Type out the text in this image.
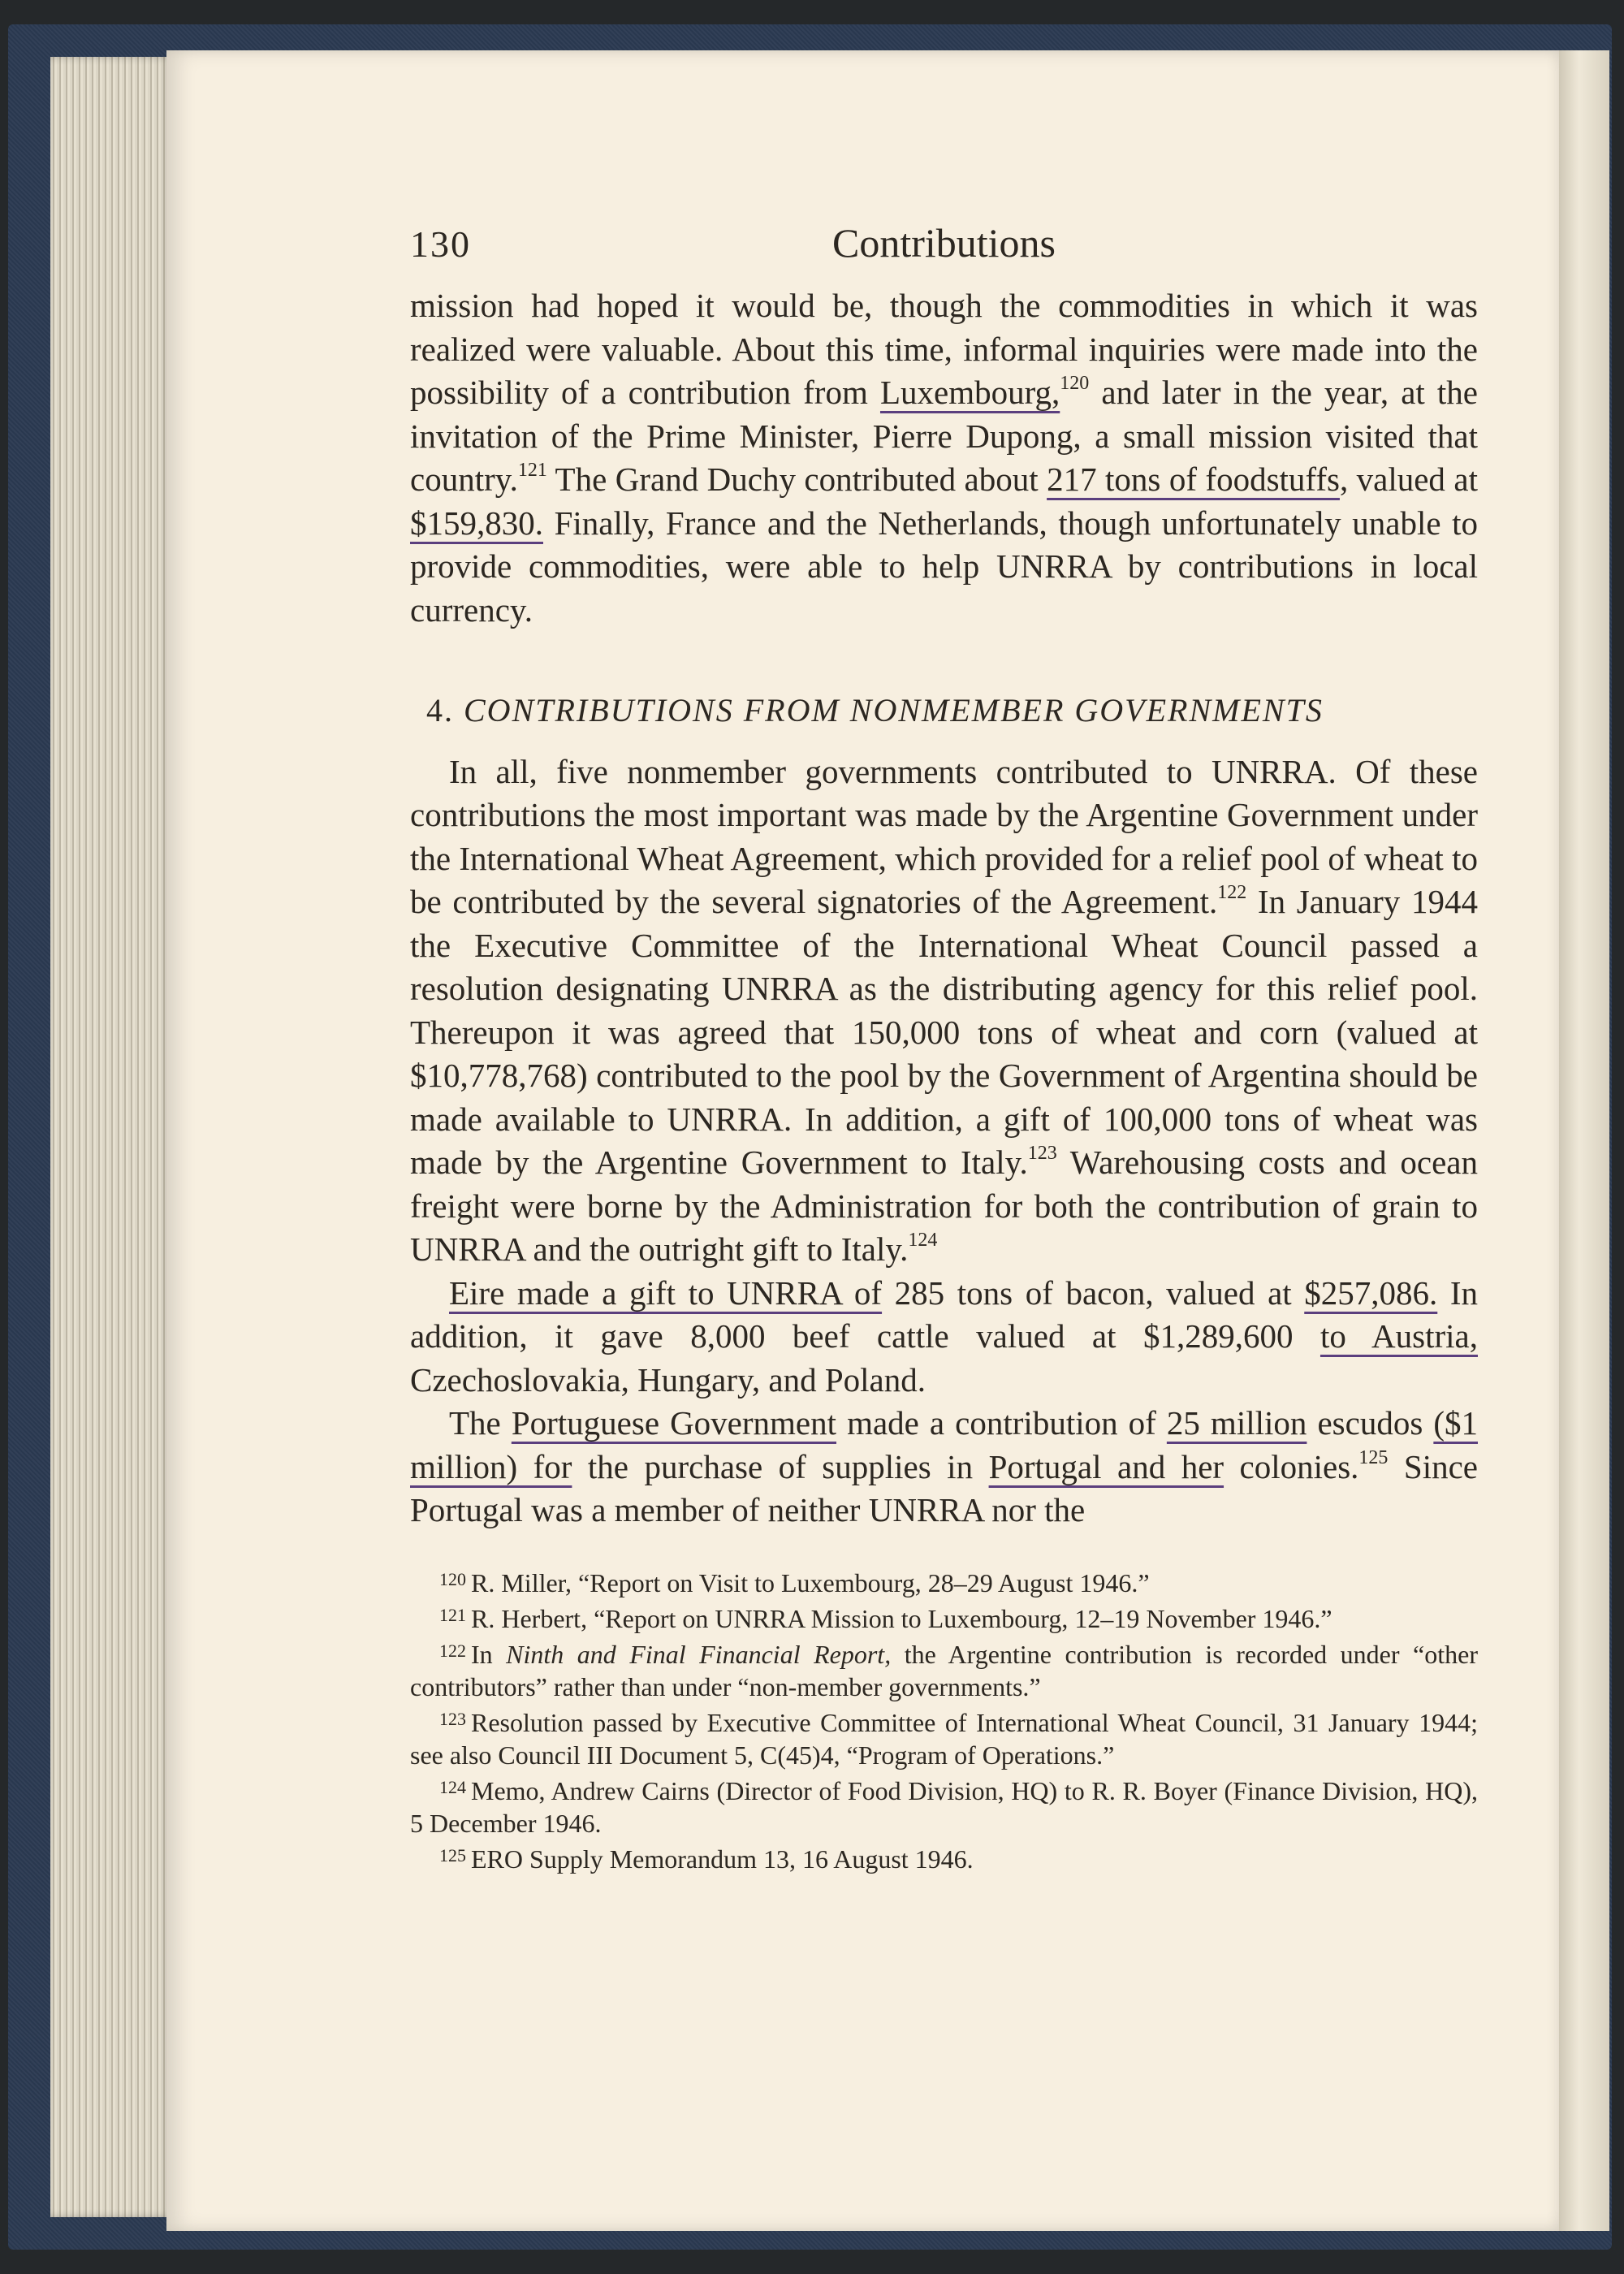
130	Contributions

mission had hoped it would be, though the commodities in which it was realized were valuable. About this time, informal inquiries were made into the possibility of a contribution from Luxembourg,$^{120}$ and later in the year, at the invitation of the Prime Minister, Pierre Dupong, a small mission visited that country.$^{121}$ The Grand Duchy contributed about 217 tons of foodstuffs, valued at $159,830. Finally, France and the Netherlands, though unfortunately unable to provide commodities, were able to help UNRRA by contributions in local currency.

4. CONTRIBUTIONS FROM NONMEMBER GOVERNMENTS

In all, five nonmember governments contributed to UNRRA. Of these contributions the most important was made by the Argentine Government under the International Wheat Agreement, which provided for a relief pool of wheat to be contributed by the several signatories of the Agreement.$^{122}$ In January 1944 the Executive Committee of the International Wheat Council passed a resolution designating UNRRA as the distributing agency for this relief pool. Thereupon it was agreed that 150,000 tons of wheat and corn (valued at $10,778,768) contributed to the pool by the Government of Argentina should be made available to UNRRA. In addition, a gift of 100,000 tons of wheat was made by the Argentine Government to Italy.$^{123}$ Warehousing costs and ocean freight were borne by the Administration for both the contribution of grain to UNRRA and the outright gift to Italy.$^{124}$

Eire made a gift to UNRRA of 285 tons of bacon, valued at $257,086. In addition, it gave 8,000 beef cattle valued at $1,289,600 to Austria, Czechoslovakia, Hungary, and Poland.

The Portuguese Government made a contribution of 25 million escudos ($1 million) for the purchase of supplies in Portugal and her colonies.$^{125}$ Since Portugal was a member of neither UNRRA nor the

$^{120}$ R. Miller, “Report on Visit to Luxembourg, 28–29 August 1946.”

$^{121}$ R. Herbert, “Report on UNRRA Mission to Luxembourg, 12–19 November 1946.”

$^{122}$ In Ninth and Final Financial Report, the Argentine contribution is recorded under “other contributors” rather than under “non-member governments.”

$^{123}$ Resolution passed by Executive Committee of International Wheat Council, 31 January 1944; see also Council III Document 5, C(45)4, “Program of Operations.”

$^{124}$ Memo, Andrew Cairns (Director of Food Division, HQ) to R. R. Boyer (Finance Division, HQ), 5 December 1946.

$^{125}$ ERO Supply Memorandum 13, 16 August 1946.
